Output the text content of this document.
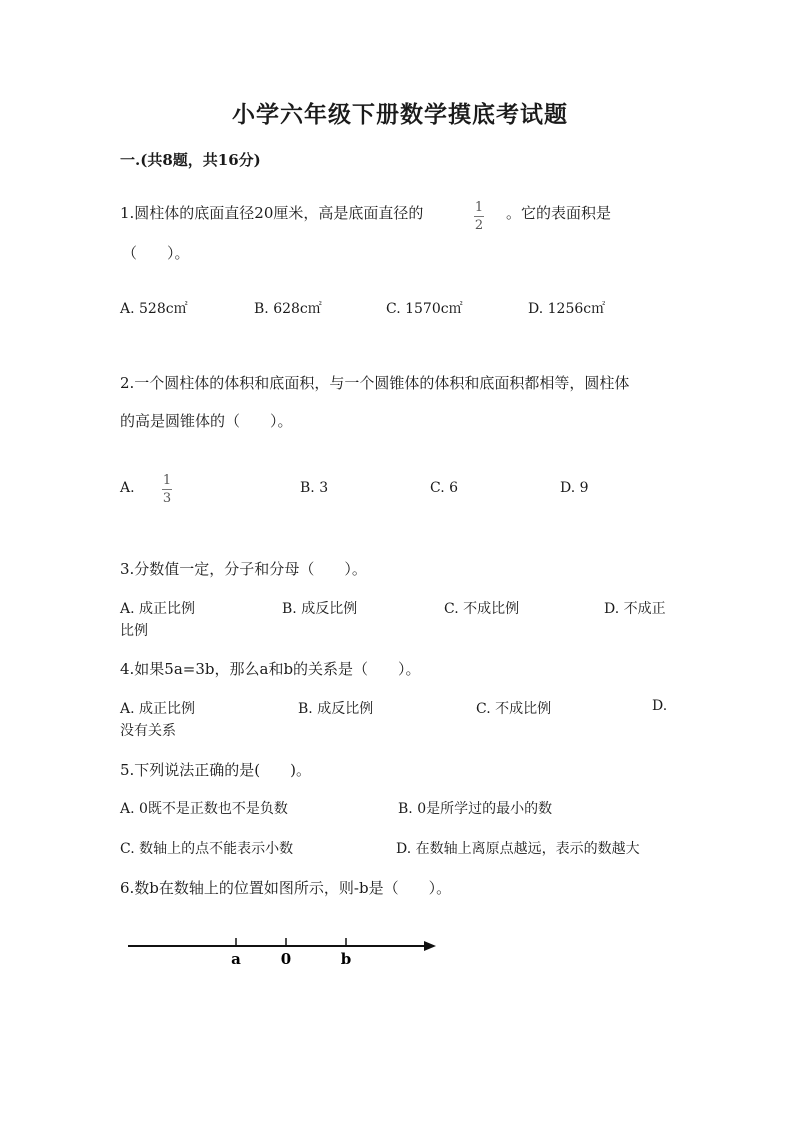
小学六年级下册数学摸底考试题
一.(共8题，共16分)
1.圆柱体的底面直径20厘米，高是底面直径的	1
2
。它的表面积是
（　　）。
A. 528c㎡	B. 628c㎡	C. 1570c㎡	D. 1256c㎡
2.一个圆柱体的体积和底面积，与一个圆锥体的体积和底面积都相等，圆柱体
的高是圆锥体的（　　）。
A. 1
3
B. 3	C. 6	D. 9
3.分数值一定，分子和分母（　　）。
A. 成正比例	B. 成反比例	C. 不成比例	D. 不成正
比例
4.如果5a=3b，那么a和b的关系是（　　）。
A. 成正比例	B. 成反比例	C. 不成比例	D.
没有关系
5.下列说法正确的是(　　)。
A. 0既不是正数也不是负数	B. 0是所学过的最小的数
C. 数轴上的点不能表示小数	D. 在数轴上离原点越远，表示的数越大
6.数b在数轴上的位置如图所示，则-b是（　　）。
a	0	b
